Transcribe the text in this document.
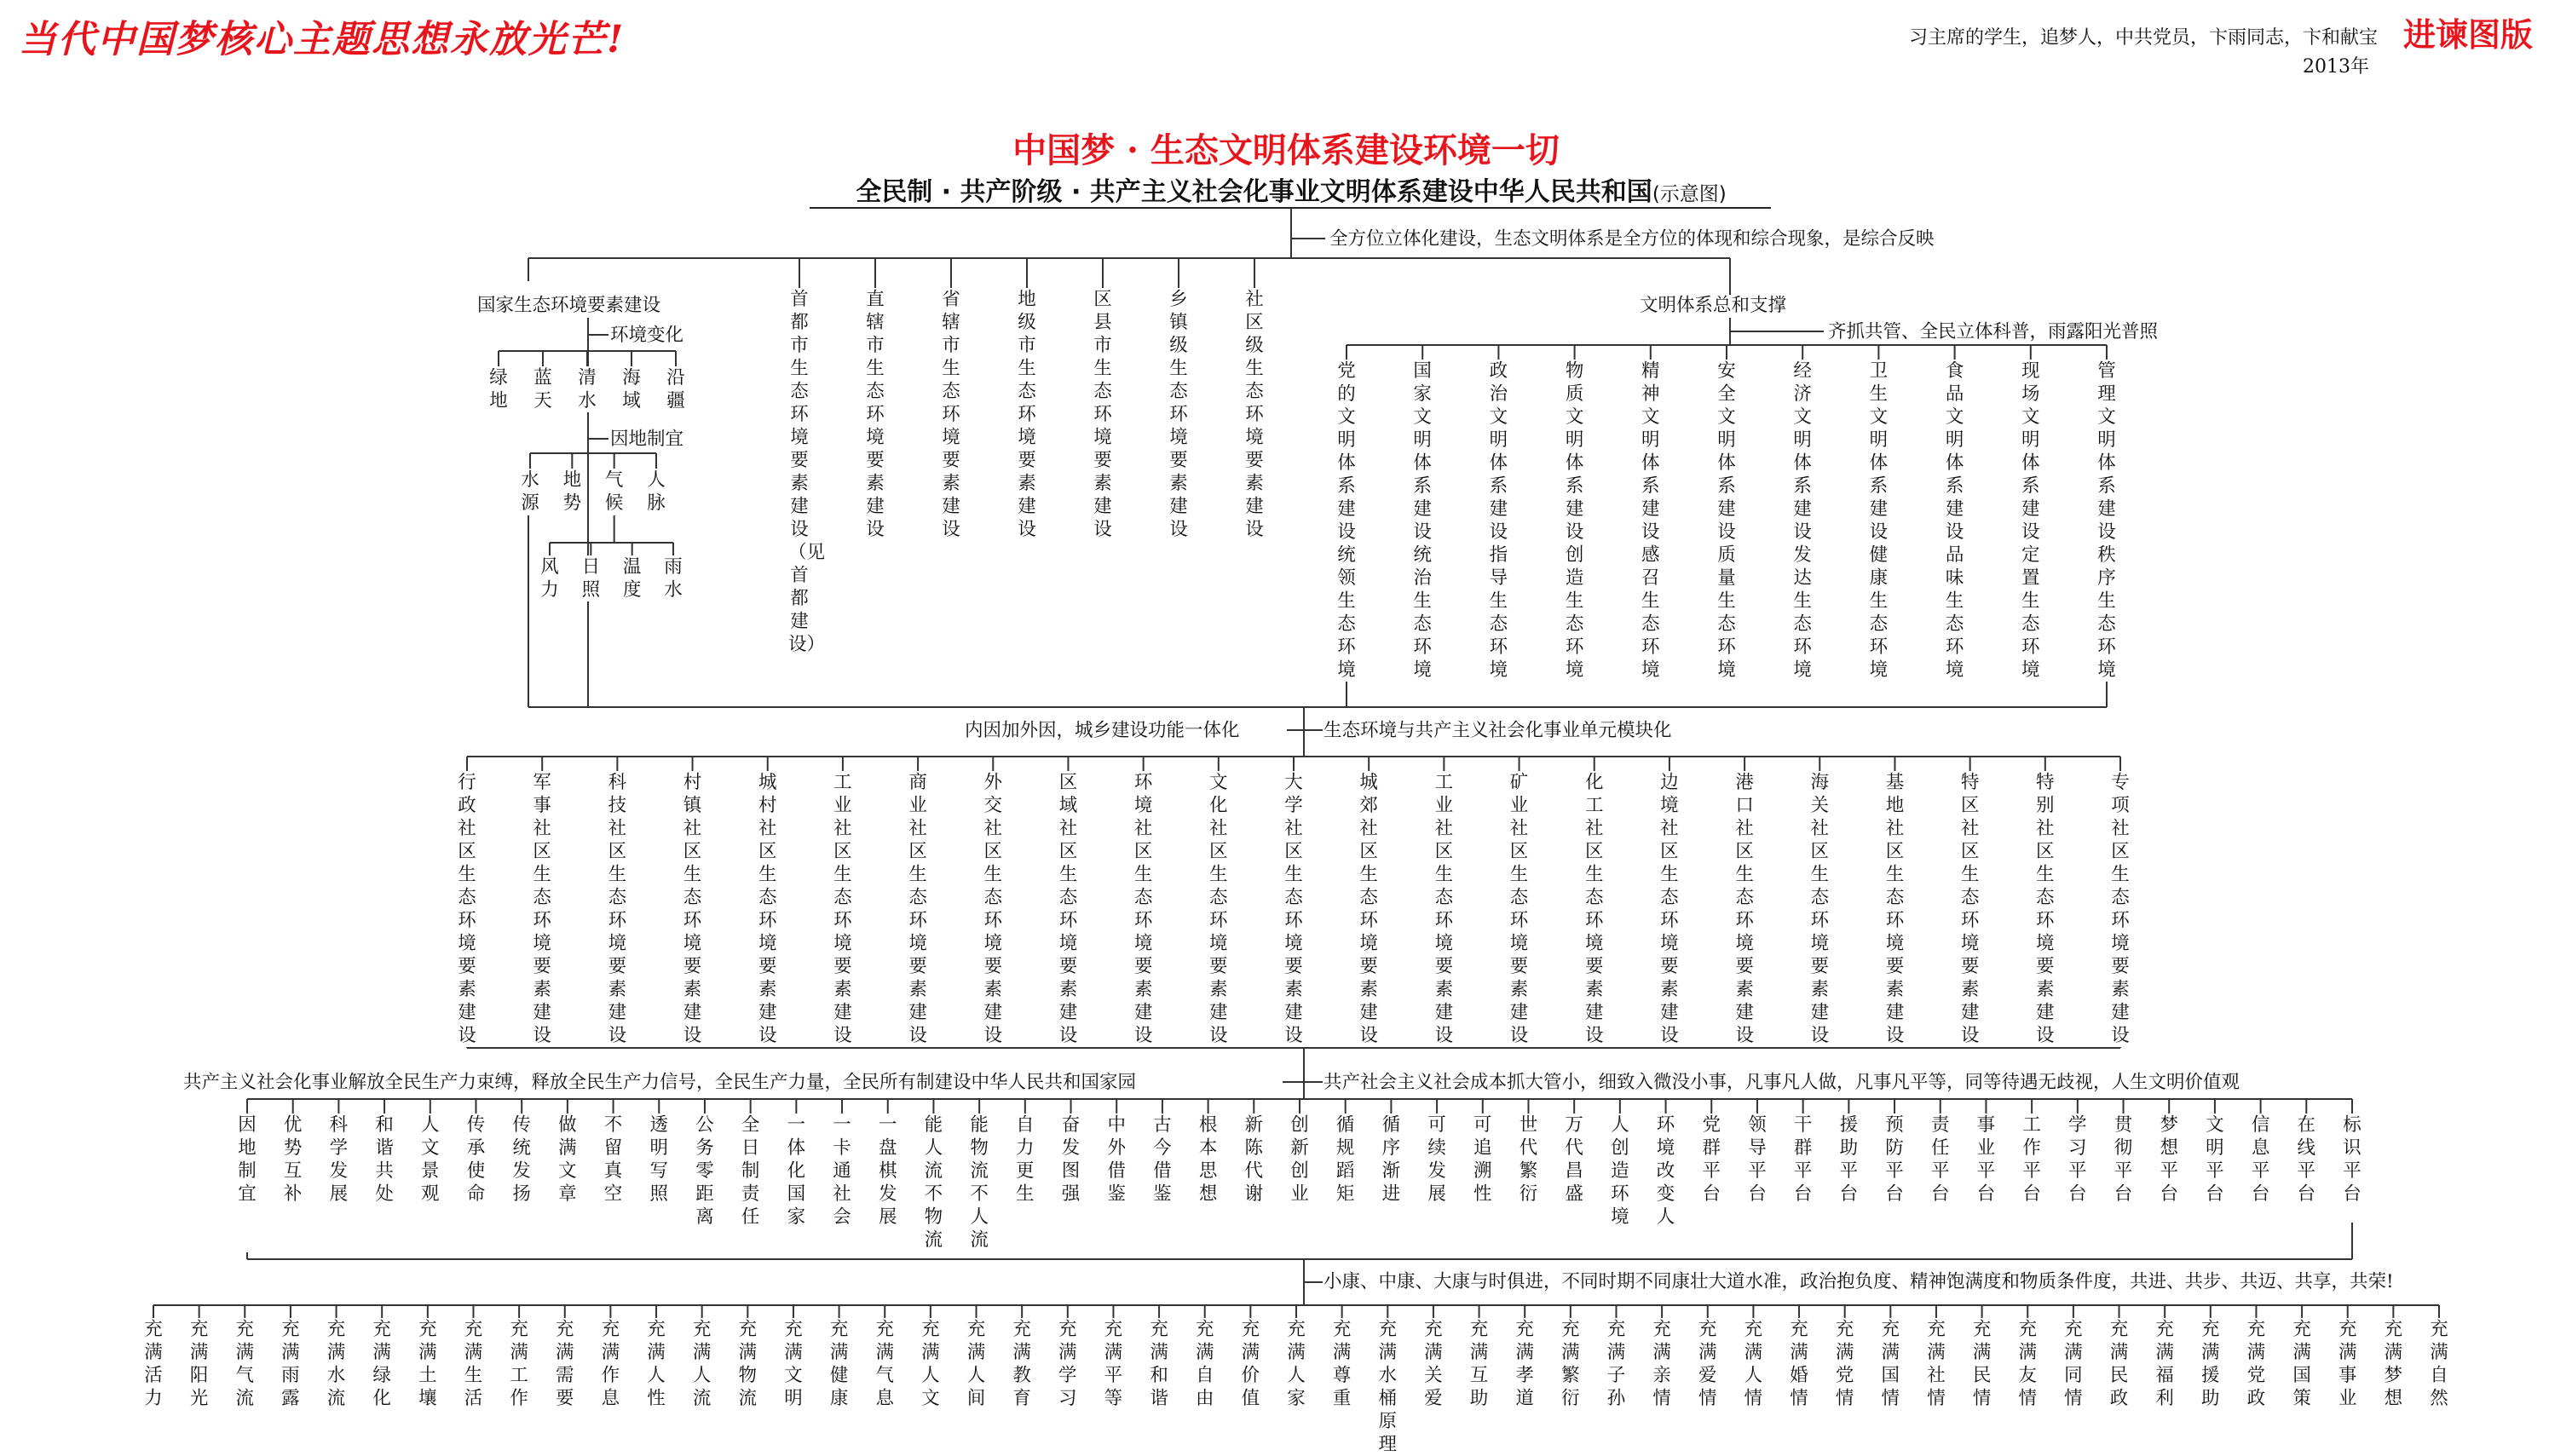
当代中国梦核心主题思想永放光芒!	习主席的学生，追梦人，中共党员，卞雨同志，卞和献宝
2013年
进谏图版
中国梦 · 生态文明体系建设环境一切
全民制 · 共产阶级 · 共产主义社会化事业文明体系建设中华人民共和国(示意图)
全方位立体化建设，生态文明体系是全方位的体现和综合现象，是综合反映
国家生态环境要素建设
环境变化
绿地
蓝天
清水
海域
沿疆
因地制宜
水源
地势
气候
人脉
风力
日照
温度
雨水
首都市生态环境要素建设（见首都建设）
直辖市生态环境要素建设
省辖市生态环境要素建设
地级市生态环境要素建设
区县市生态环境要素建设
乡镇级生态环境要素建设
社区级生态环境要素建设
文明体系总和支撑
齐抓共管、全民立体科普，雨露阳光普照
党的文明体系建设统领生态环境
国家文明体系建设统治生态环境
政治文明体系建设指导生态环境
物质文明体系建设创造生态环境
精神文明体系建设感召生态环境
安全文明体系建设质量生态环境
经济文明体系建设发达生态环境
卫生文明体系建设健康生态环境
食品文明体系建设品味生态环境
现场文明体系建设定置生态环境
管理文明体系建设秩序生态环境
内因加外因，城乡建设功能一体化	生态环境与共产主义社会化事业单元模块化
行政社区生态环境要素建设
军事社区生态环境要素建设
科技社区生态环境要素建设
村镇社区生态环境要素建设
城村社区生态环境要素建设
工业社区生态环境要素建设
商业社区生态环境要素建设
外交社区生态环境要素建设
区域社区生态环境要素建设
环境社区生态环境要素建设
文化社区生态环境要素建设
大学社区生态环境要素建设
城郊社区生态环境要素建设
工业社区生态环境要素建设
矿业社区生态环境要素建设
化工社区生态环境要素建设
边境社区生态环境要素建设
港口社区生态环境要素建设
海关社区生态环境要素建设
基地社区生态环境要素建设
特区社区生态环境要素建设
特别社区生态环境要素建设
专项社区生态环境要素建设
共产主义社会化事业解放全民生产力束缚，释放全民生产力信号，全民生产力量，全民所有制建设中华人民共和国家园	共产社会主义社会成本抓大管小，细致入微没小事，凡事凡人做，凡事凡平等，同等待遇无歧视，人生文明价值观
因地制宜
优势互补
科学发展
和谐共处
人文景观
传承使命
传统发扬
做满文章
不留真空
透明写照
公务零距离
全日制责任
一体化国家
一卡通社会
一盘棋发展
能人流不物流
能物流不人流
自力更生
奋发图强
中外借鉴
古今借鉴
根本思想
新陈代谢
创新创业
循规蹈矩
循序渐进
可续发展
可追溯性
世代繁衍
万代昌盛
人创造环境
环境改变人
党群平台
领导平台
干群平台
援助平台
预防平台
责任平台
事业平台
工作平台
学习平台
贯彻平台
梦想平台
文明平台
信息平台
在线平台
标识平台
小康、中康、大康与时俱进，不同时期不同康壮大道水准，政治抱负度、精神饱满度和物质条件度，共进、共步、共迈、共享，共荣!
充满活力
充满阳光
充满气流
充满雨露
充满水流
充满绿化
充满土壤
充满生活
充满工作
充满需要
充满作息
充满人性
充满人流
充满物流
充满文明
充满健康
充满气息
充满人文
充满人间
充满教育
充满学习
充满平等
充满和谐
充满自由
充满价值
充满人家
充满尊重
充满水桶原理
充满关爱
充满互助
充满孝道
充满繁衍
充满子孙
充满亲情
充满爱情
充满人情
充满婚情
充满党情
充满国情
充满社情
充满民情
充满友情
充满同情
充满民政
充满福利
充满援助
充满党政
充满国策
充满事业
充满梦想
充满自然
